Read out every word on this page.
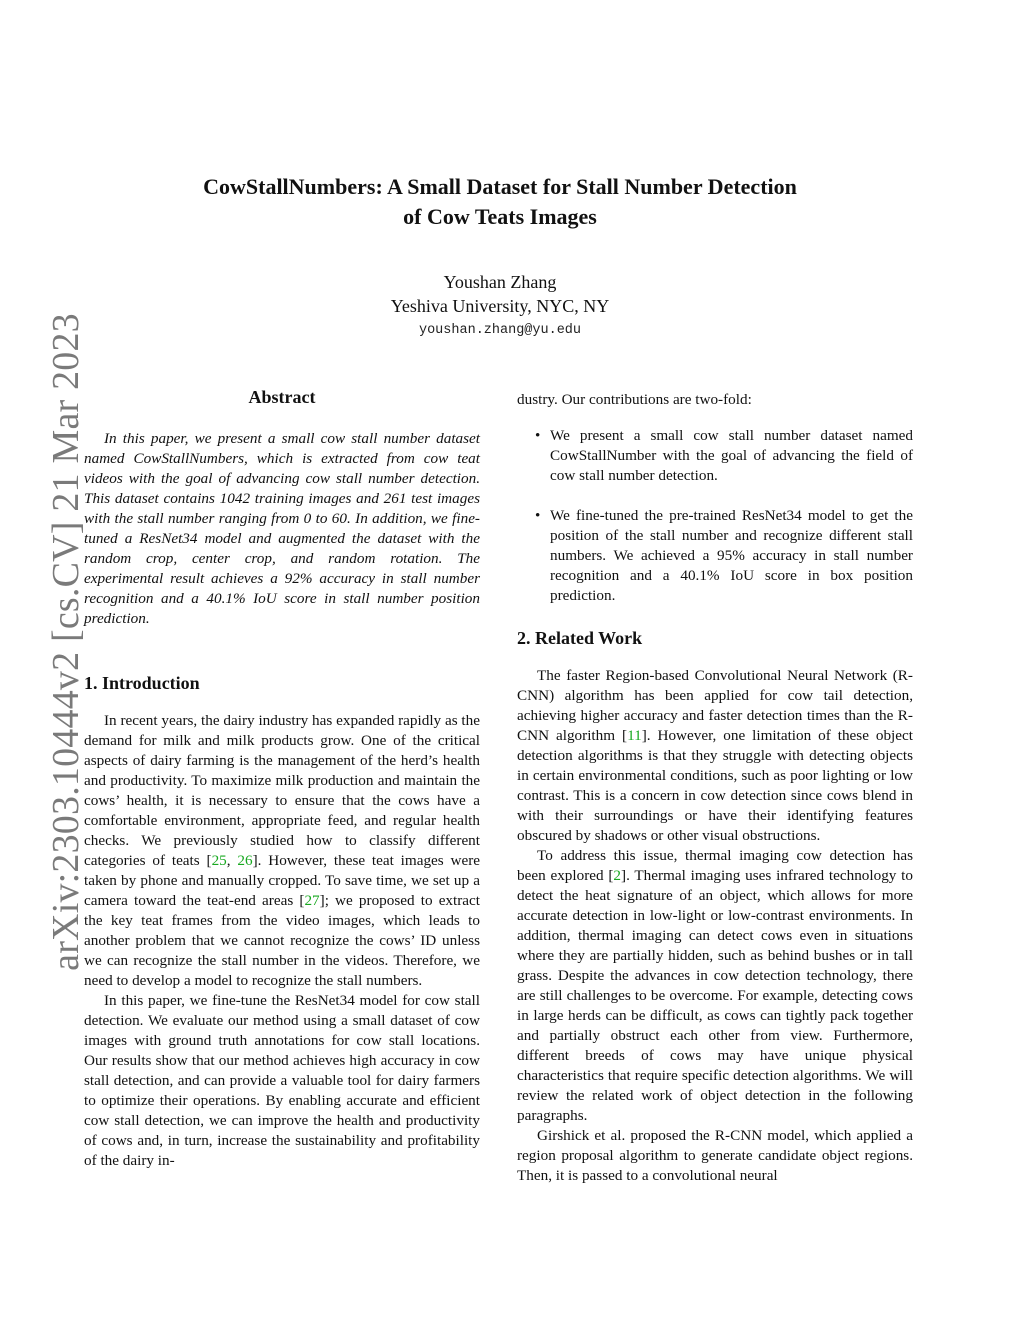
arXiv:2303.10444v2 [cs.CV] 21 Mar 2023
CowStallNumbers: A Small Dataset for Stall Number Detection
of Cow Teats Images
Youshan Zhang
Yeshiva University, NYC, NY
youshan.zhang@yu.edu
Abstract

In this paper, we present a small cow stall number dataset named CowStallNumbers, which is extracted from cow teat videos with the goal of advancing cow stall number detection. This dataset contains 1042 training images and 261 test images with the stall number ranging from 0 to 60. In addition, we fine-tuned a ResNet34 model and augmented the dataset with the random crop, center crop, and random rotation. The experimental result achieves a 92% accuracy in stall number recognition and a 40.1% IoU score in stall number position prediction.

1. Introduction

In recent years, the dairy industry has expanded rapidly as the demand for milk and milk products grow. One of the critical aspects of dairy farming is the management of the herd’s health and productivity. To maximize milk production and maintain the cows’ health, it is necessary to ensure that the cows have a comfortable environment, appropriate feed, and regular health checks. We previously studied how to classify different categories of teats [25, 26]. However, these teat images were taken by phone and manually cropped. To save time, we set up a camera toward the teat-end areas [27]; we proposed to extract the key teat frames from the video images, which leads to another problem that we cannot recognize the cows’ ID unless we can recognize the stall number in the videos. Therefore, we need to develop a model to recognize the stall numbers.

In this paper, we fine-tune the ResNet34 model for cow stall detection. We evaluate our method using a small dataset of cow images with ground truth annotations for cow stall locations. Our results show that our method achieves high accuracy in cow stall detection, and can provide a valuable tool for dairy farmers to optimize their operations. By enabling accurate and efficient cow stall detection, we can improve the health and productivity of cows and, in turn, increase the sustainability and profitability of the dairy in-

dustry. Our contributions are two-fold:

• We present a small cow stall number dataset named CowStallNumber with the goal of advancing the field of cow stall number detection.
• We fine-tuned the pre-trained ResNet34 model to get the position of the stall number and recognize different stall numbers. We achieved a 95% accuracy in stall number recognition and a 40.1% IoU score in box position prediction.
2. Related Work

The faster Region-based Convolutional Neural Network (R-CNN) algorithm has been applied for cow tail detection, achieving higher accuracy and faster detection times than the R-CNN algorithm [11]. However, one limitation of these object detection algorithms is that they struggle with detecting objects in certain environmental conditions, such as poor lighting or low contrast. This is a concern in cow detection since cows blend in with their surroundings or have their identifying features obscured by shadows or other visual obstructions.

To address this issue, thermal imaging cow detection has been explored [2]. Thermal imaging uses infrared technology to detect the heat signature of an object, which allows for more accurate detection in low-light or low-contrast environments. In addition, thermal imaging can detect cows even in situations where they are partially hidden, such as behind bushes or in tall grass. Despite the advances in cow detection technology, there are still challenges to be overcome. For example, detecting cows in large herds can be difficult, as cows can tightly pack together and partially obstruct each other from view. Furthermore, different breeds of cows may have unique physical characteristics that require specific detection algorithms. We will review the related work of object detection in the following paragraphs.

Girshick et al. proposed the R-CNN model, which applied a region proposal algorithm to generate candidate object regions. Then, it is passed to a convolutional neural
